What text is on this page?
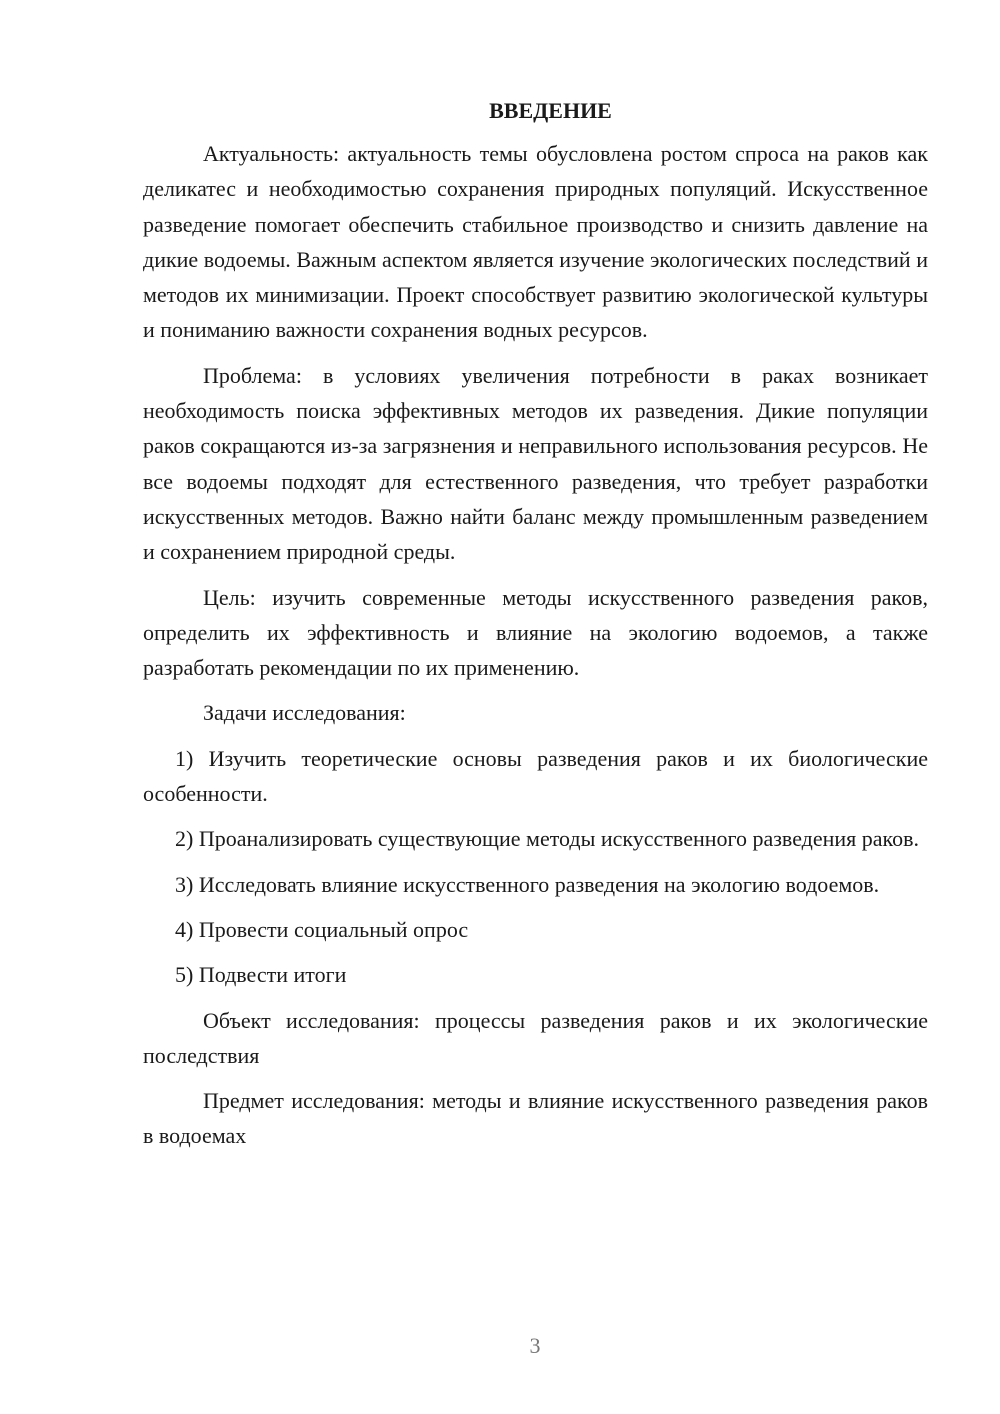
ВВЕДЕНИЕ

Актуальность: актуальность темы обусловлена ростом спроса на раков как деликатес и необходимостью сохранения природных популяций. Искусственное разведение помогает обеспечить стабильное производство и снизить давление на дикие водоемы. Важным аспектом является изучение экологических последствий и методов их минимизации. Проект способствует развитию экологической культуры и пониманию важности сохранения водных ресурсов.

Проблема: в условиях увеличения потребности в раках возникает необходимость поиска эффективных методов их разведения. Дикие популяции раков сокращаются из-за загрязнения и неправильного использования ресурсов. Не все водоемы подходят для естественного разведения, что требует разработки искусственных методов. Важно найти баланс между промышленным разведением и сохранением природной среды.

Цель: изучить современные методы искусственного разведения раков, определить их эффективность и влияние на экологию водоемов, а также разработать рекомендации по их применению.

Задачи исследования:

1) Изучить теоретические основы разведения раков и их биологические особенности.

2) Проанализировать существующие методы искусственного разведения раков.

3) Исследовать влияние искусственного разведения на экологию водоемов.

4) Провести социальный опрос

5) Подвести итоги

Объект исследования: процессы разведения раков и их экологические последствия

Предмет исследования: методы и влияние искусственного разведения раков в водоемах

3
